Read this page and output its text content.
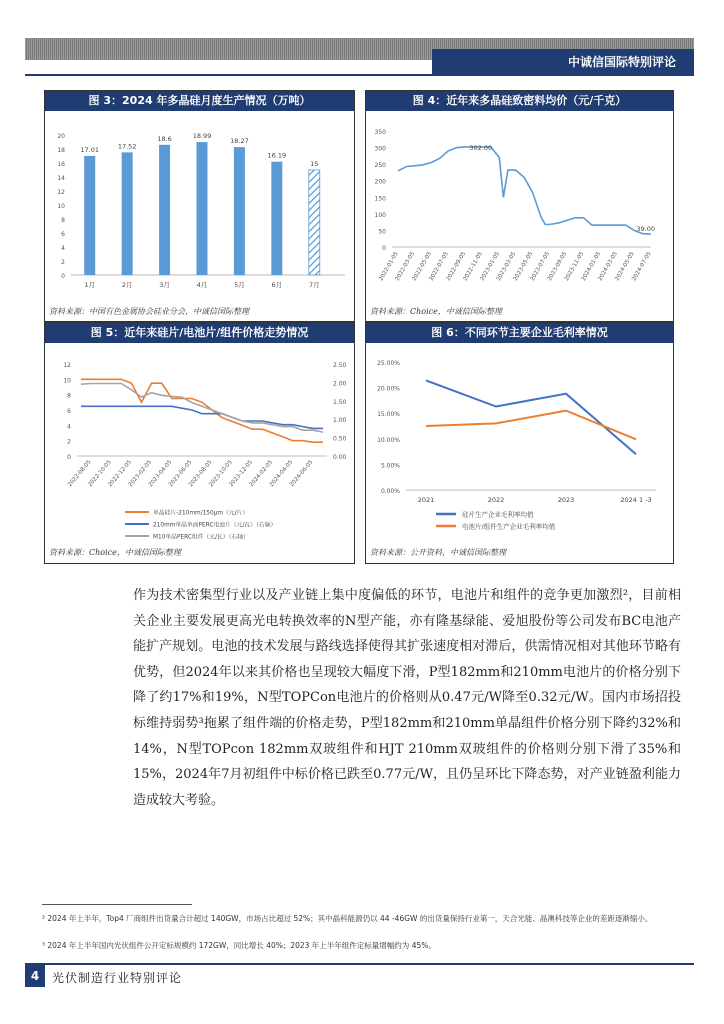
中诚信国际特别评论
图 3：2024 年多晶硅月度生产情况（万吨）
0
2
4
6
8
10
12
14
16
18
20
17.01
1月
17.52
2月
18.6
3月
18.99
4月
18.27
5月
16.19
6月
15
7月
资料来源：中国有色金属协会硅业分会，中诚信国际整理
图 4：近年来多晶硅致密料均价（元/千克）
0
50
100
150
200
250
300
350
2022-01-05
2022-03-05
2022-05-05
2022-07-05
2022-09-05
2022-11-05
2023-01-05
2023-03-05
2023-05-05
2023-07-05
2023-09-05
2023-11-05
2024-01-05
2024-03-05
2024-05-05
2024-07-05
302.00
39.00
资料来源：Choice，中诚信国际整理
图 5：近年来硅片/电池片/组件价格走势情况
0
2
4
6
8
10
12
0.00
0.50
1.00
1.50
2.00
2.50
2022-08-05
2022-10-05
2022-12-05
2023-02-05
2023-04-05
2023-06-05
2023-08-05
2023-10-05
2023-12-05
2024-02-05
2024-04-05
2024-06-05
单晶硅片-210mm/150μm（元/片）
210mm单晶单面PERC电池片（元/瓦）（右轴）
M10单晶PERC组件（元/瓦）（右轴）
资料来源：Choice，中诚信国际整理
图 6：不同环节主要企业毛利率情况
0.00%
5.00%
10.00%
15.00%
20.00%
25.00%
2021	2022	2023	2024 1 -3
硅片生产企业毛利率均值
电池片/组件生产企业毛利率均值
资料来源：公开资料，中诚信国际整理
作为技术密集型行业以及产业链上集中度偏低的环节，电池片和组件的竞争更加激烈²，目前相关企业主要发展更高光电转换效率的N型产能，亦有隆基绿能、爱旭股份等公司发布BC电池产能扩产规划。电池的技术发展与路线选择使得其扩张速度相对滞后，供需情况相对其他环节略有优势，但2024年以来其价格也呈现较大幅度下滑，P型182mm和210mm电池片的价格分别下降了约17%和19%，N型TOPCon电池片的价格则从0.47元/W降至0.32元/W。国内市场招投标维持弱势³拖累了组件端的价格走势，P型182mm和210mm单晶组件价格分别下降约32%和14%，N型TOPcon 182mm双玻组件和HJT 210mm双玻组件的价格则分别下滑了35%和15%，2024年7月初组件中标价格已跌至0.77元/W，且仍呈环比下降态势，对产业链盈利能力造成较大考验。
² 2024 年上半年，Top4 厂商组件出货量合计超过 140GW，市场占比超过 52%；其中晶科能源仍以 44 -46GW 的出货量保持行业第一，天合光能、晶澳科技等企业的差距逐渐缩小。
³ 2024 年上半年国内光伏组件公开定标规模约 172GW，同比增长 40%；2023 年上半年组件定标量增幅约为 45%。
4	光伏制造行业特别评论
